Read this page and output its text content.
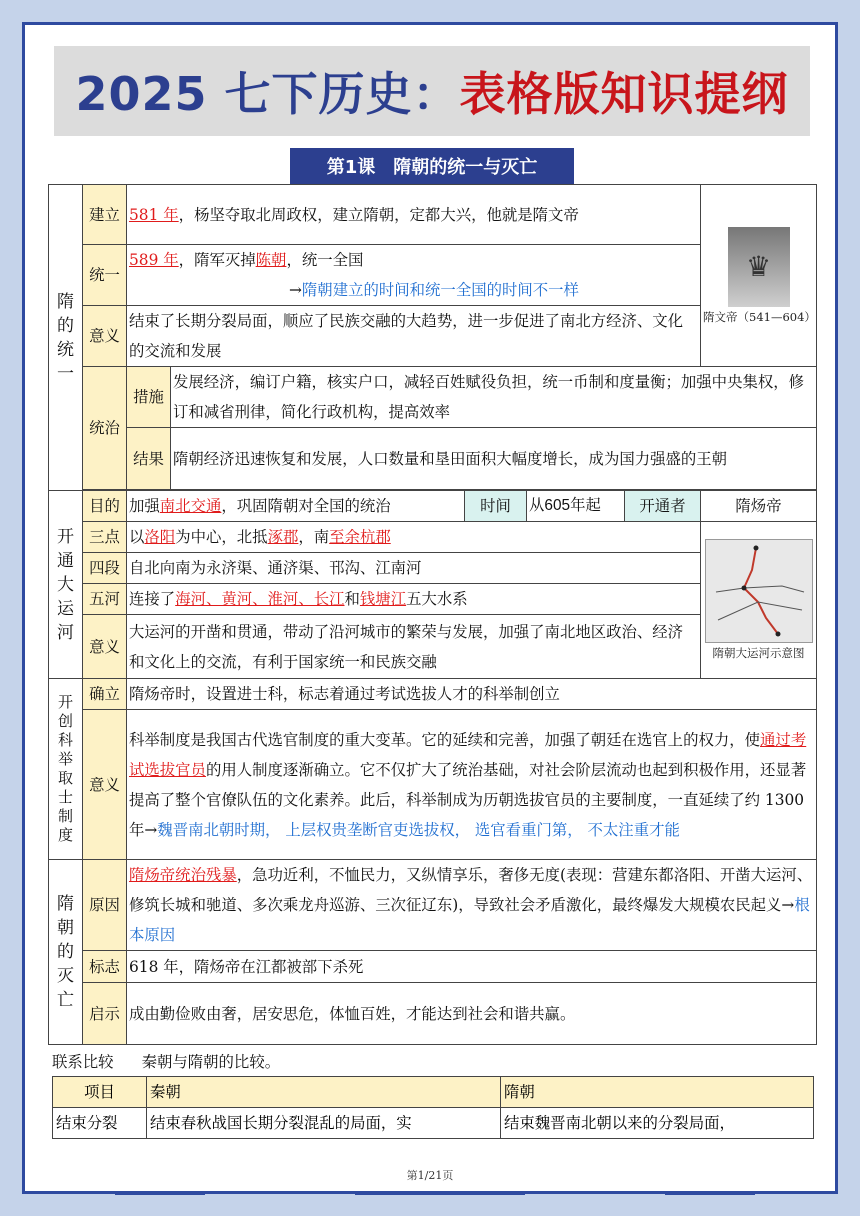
2025 七下历史： 表格版知识提纲
第1课 隋朝的统一与灭亡
隋的统一	建立	581 年，杨坚夺取北周政权，建立隋朝，定都大兴，他就是隋文帝					♛
隋文帝（541—604）

	统一	589 年，隋军灭掉陈朝，统一全国
→隋朝建立的时间和统一全国的时间不一样					
	意义	结束了长期分裂局面，顺应了民族交融的大趋势，进一步促进了南北方经济、文化的交流和发展					
	统治	措施	发展经济，编订户籍，核实户口，减轻百姓赋役负担，统一币制和度量衡；加强中央集权，修订和减省刑律，简化行政机构，提高效率				
		结果	隋朝经济迅速恢复和发展，人口数量和垦田面积大幅度增长，成为国力强盛的王朝				

开通大运河	目的	加强南北交通，巩固隋朝对全国的统治		时间	从605年起	开通者	隋炀帝
	三点	以洛阳为中心，北抵涿郡，南至余杭郡					隋朝大运河示意图

	四段	自北向南为永济渠、通济渠、邗沟、江南河					
	五河	连接了海河、黄河、淮河、长江和钱塘江五大水系					
	意义	大运河的开凿和贯通，带动了沿河城市的繁荣与发展，加强了南北地区政治、经济和文化上的交流，有利于国家统一和民族交融					
开创科举取士制度	确立	隋炀帝时，设置进士科，标志着通过考试选拔人才的科举制创立					
	意义	科举制度是我国古代选官制度的重大变革。它的延续和完善，加强了朝廷在选官上的权力，使通过考试选拔官员的用人制度逐渐确立。它不仅扩大了统治基础，对社会阶层流动也起到积极作用，还显著提高了整个官僚队伍的文化素养。此后，科举制成为历朝选拔官员的主要制度，一直延续了约 1300 年→魏晋南北朝时期， 上层权贵垄断官吏选拔权， 选官看重门第， 不太注重才能					
隋朝的灭亡	原因	隋炀帝统治残暴，急功近利，不恤民力，又纵情享乐，奢侈无度(表现：营建东都洛阳、开凿大运河、修筑长城和驰道、多次乘龙舟巡游、三次征辽东)，导致社会矛盾激化，最终爆发大规模农民起义→根本原因					
	标志	618 年，隋炀帝在江都被部下杀死					
	启示	成由勤俭败由奢，居安思危，体恤百姓，才能达到社会和谐共赢。					
联系比较 秦朝与隋朝的比较。
项目	秦朝	隋朝
结束分裂	结束春秋战国长期分裂混乱的局面，实	结束魏晋南北朝以来的分裂局面，
第1/21页
